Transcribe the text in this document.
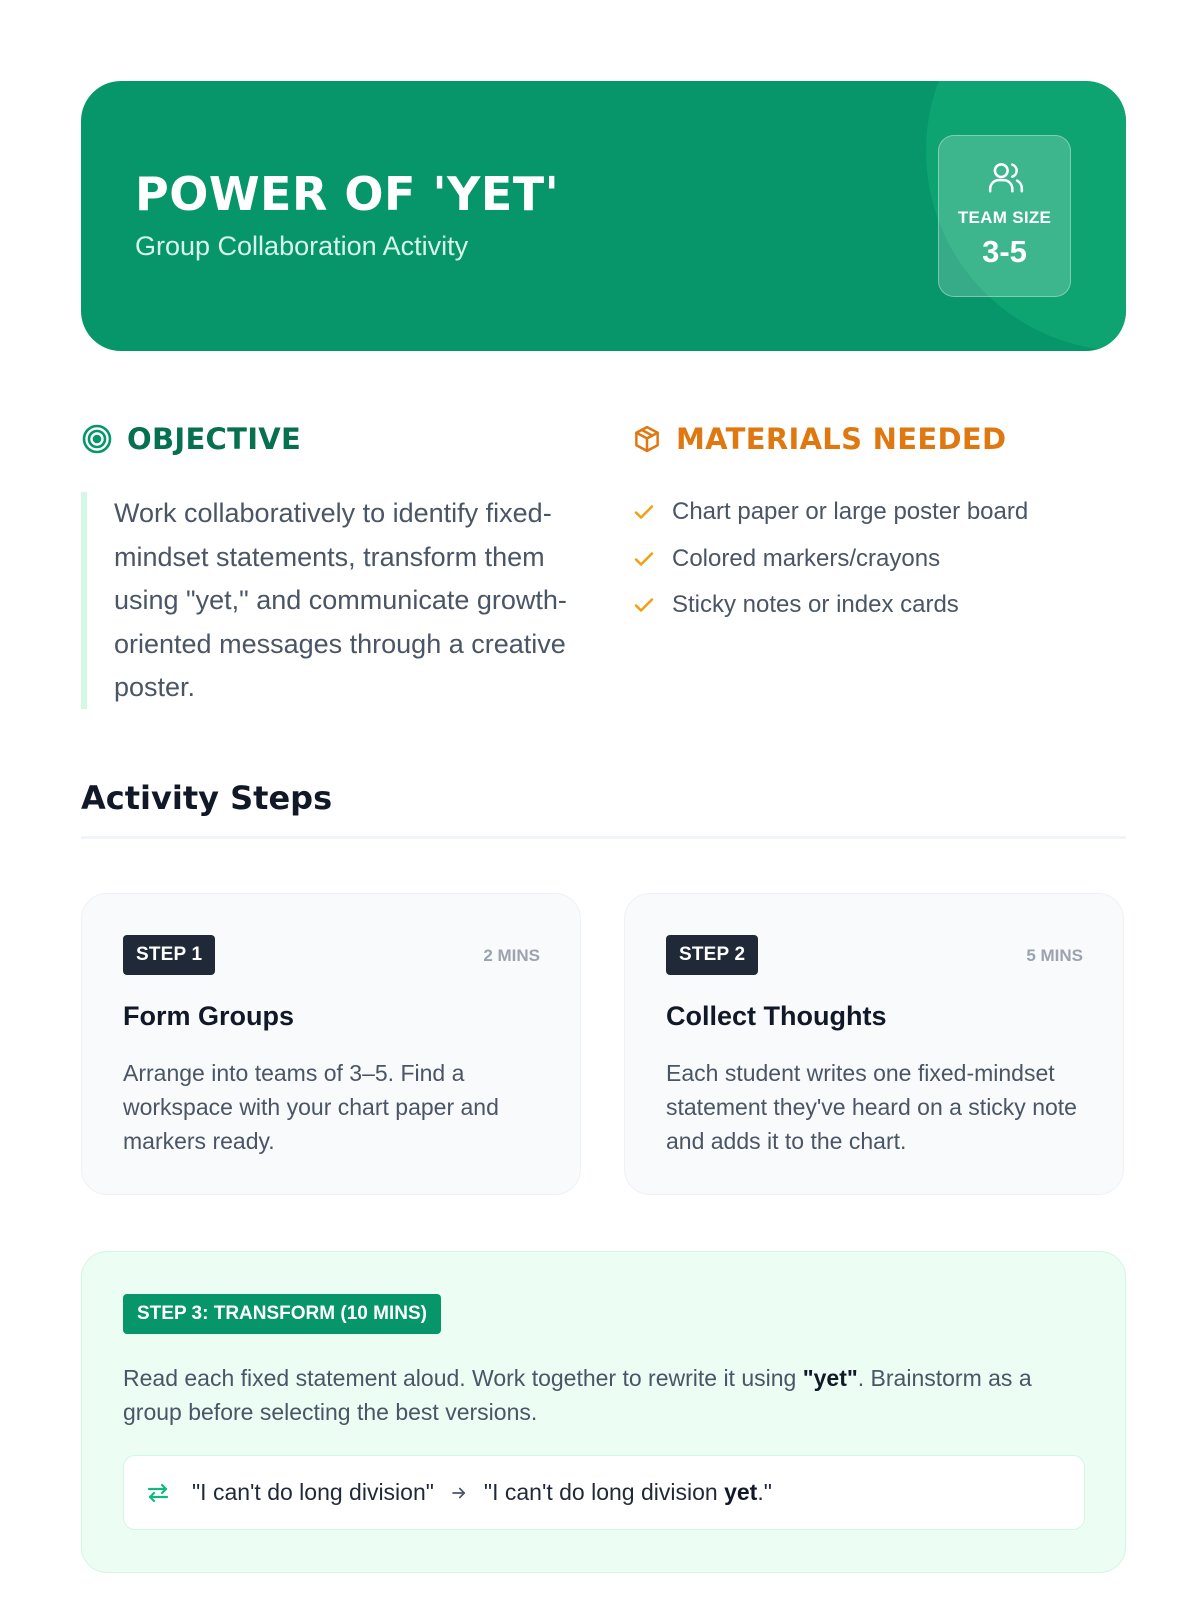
POWER OF 'YET'
Group Collaboration Activity
TEAM SIZE
3-5
OBJECTIVE

Work collaboratively to identify fixed-mindset statements, transform them using "yet," and communicate growth-oriented messages through a creative poster.

MATERIALS NEEDED
Chart paper or large poster board
Colored markers/crayons
Sticky notes or index cards
Activity Steps
STEP 1	2 MINS
Form Groups

Arrange into teams of 3–5. Find a workspace with your chart paper and markers ready.

STEP 2	5 MINS
Collect Thoughts

Each student writes one fixed-mindset statement they've heard on a sticky note and adds it to the chart.

STEP 3: TRANSFORM (10 MINS)

Read each fixed statement aloud. Work together to rewrite it using "yet". Brainstorm as a group before selecting the best versions.

"I can't do long division" "I can't do long division yet."
